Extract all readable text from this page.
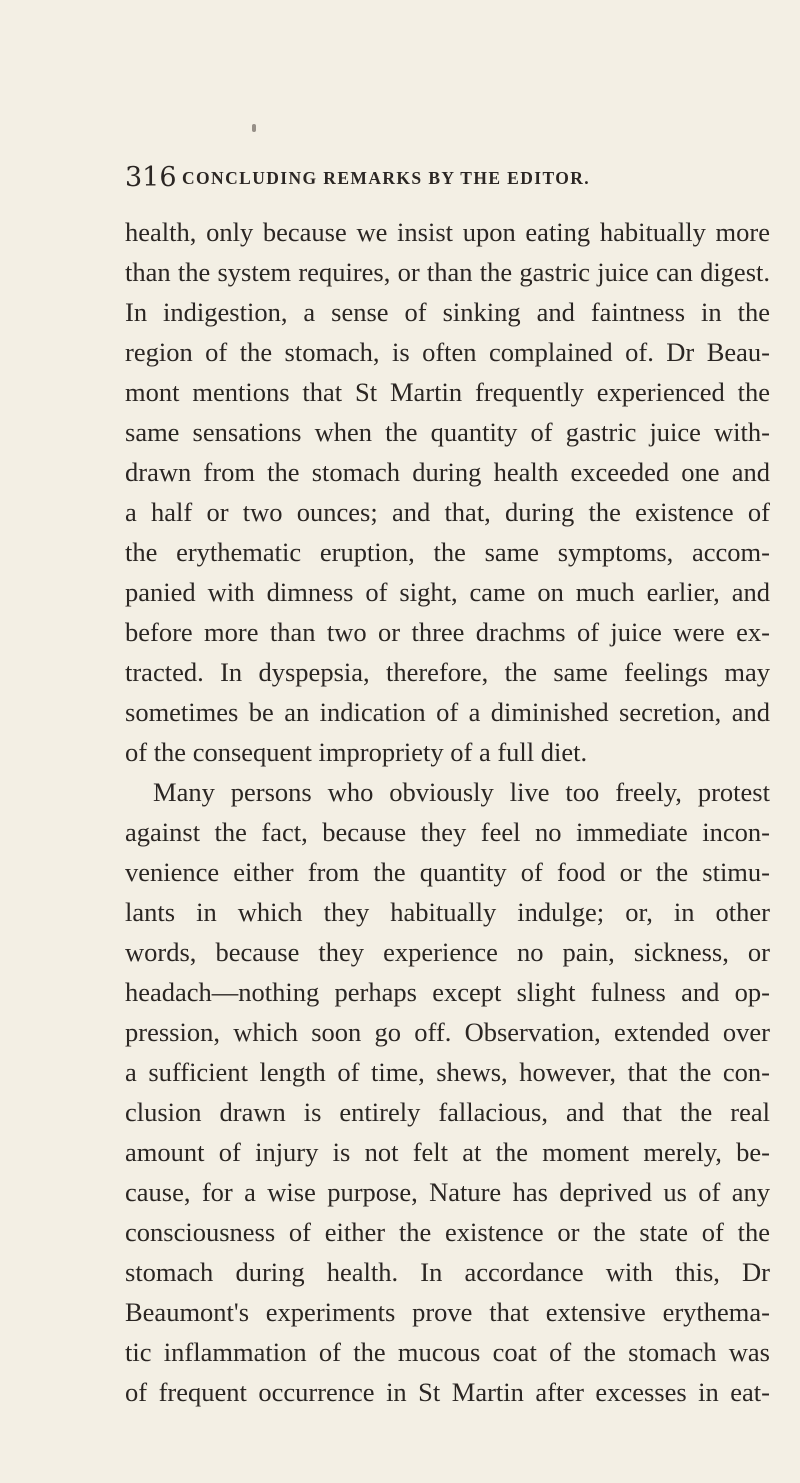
316 CONCLUDING REMARKS BY THE EDITOR.
health, only because we insist upon eating habitually more
than the system requires, or than the gastric juice can digest.
In indigestion, a sense of sinking and faintness in the
region of the stomach, is often complained of. Dr Beau-
mont mentions that St Martin frequently experienced the
same sensations when the quantity of gastric juice with-
drawn from the stomach during health exceeded one and
a half or two ounces; and that, during the existence of
the erythematic eruption, the same symptoms, accom-
panied with dimness of sight, came on much earlier, and
before more than two or three drachms of juice were ex-
tracted. In dyspepsia, therefore, the same feelings may
sometimes be an indication of a diminished secretion, and
of the consequent impropriety of a full diet.
Many persons who obviously live too freely, protest
against the fact, because they feel no immediate incon-
venience either from the quantity of food or the stimu-
lants in which they habitually indulge; or, in other
words, because they experience no pain, sickness, or
headach—nothing perhaps except slight fulness and op-
pression, which soon go off. Observation, extended over
a sufficient length of time, shews, however, that the con-
clusion drawn is entirely fallacious, and that the real
amount of injury is not felt at the moment merely, be-
cause, for a wise purpose, Nature has deprived us of any
consciousness of either the existence or the state of the
stomach during health. In accordance with this, Dr
Beaumont's experiments prove that extensive erythema-
tic inflammation of the mucous coat of the stomach was
of frequent occurrence in St Martin after excesses in eat-
